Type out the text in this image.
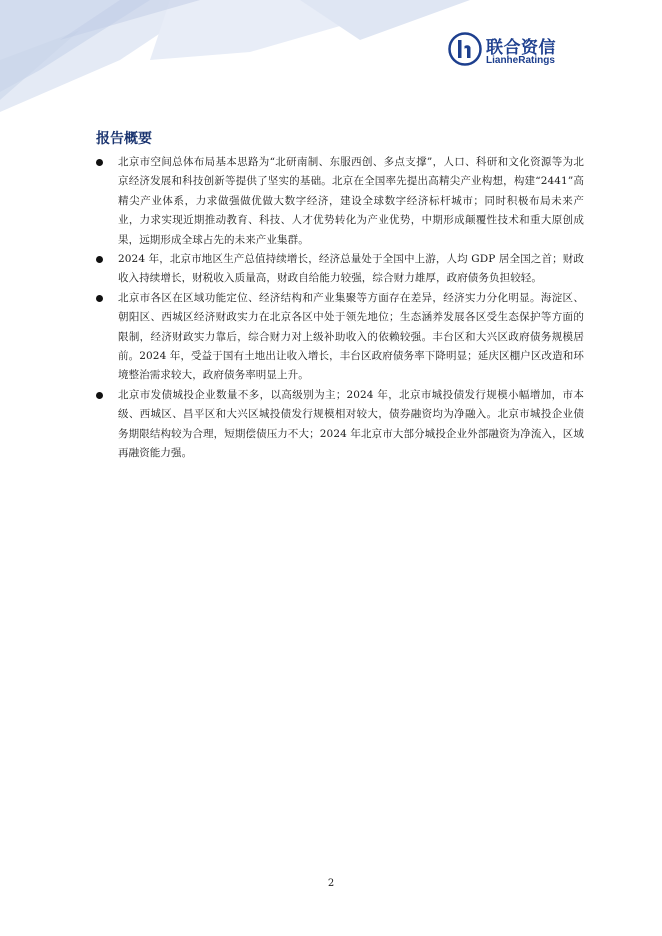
联合资信
LianheRatings
报告概要
北京市空间总体布局基本思路为“北研南制、东服西创、多点支撑”，人口、科研和文化资源等为北京经济发展和科技创新等提供了坚实的基础。北京在全国率先提出高精尖产业构想，构建“2441”高精尖产业体系，力求做强做优做大数字经济，建设全球数字经济标杆城市；同时积极布局未来产业，力求实现近期推动教育、科技、人才优势转化为产业优势，中期形成颠覆性技术和重大原创成果，远期形成全球占先的未来产业集群。
2024 年，北京市地区生产总值持续增长，经济总量处于全国中上游，人均 GDP 居全国之首；财政收入持续增长，财税收入质量高，财政自给能力较强，综合财力雄厚，政府债务负担较轻。
北京市各区在区域功能定位、经济结构和产业集聚等方面存在差异，经济实力分化明显。海淀区、朝阳区、西城区经济财政实力在北京各区中处于领先地位；生态涵养发展各区受生态保护等方面的限制，经济财政实力靠后，综合财力对上级补助收入的依赖较强。丰台区和大兴区政府债务规模居前。2024 年，受益于国有土地出让收入增长，丰台区政府债务率下降明显；延庆区棚户区改造和环境整治需求较大，政府债务率明显上升。
北京市发债城投企业数量不多，以高级别为主；2024 年，北京市城投债发行规模小幅增加，市本级、西城区、昌平区和大兴区城投债发行规模相对较大，债券融资均为净融入。北京市城投企业债务期限结构较为合理，短期偿债压力不大；2024 年北京市大部分城投企业外部融资为净流入，区域再融资能力强。
2
